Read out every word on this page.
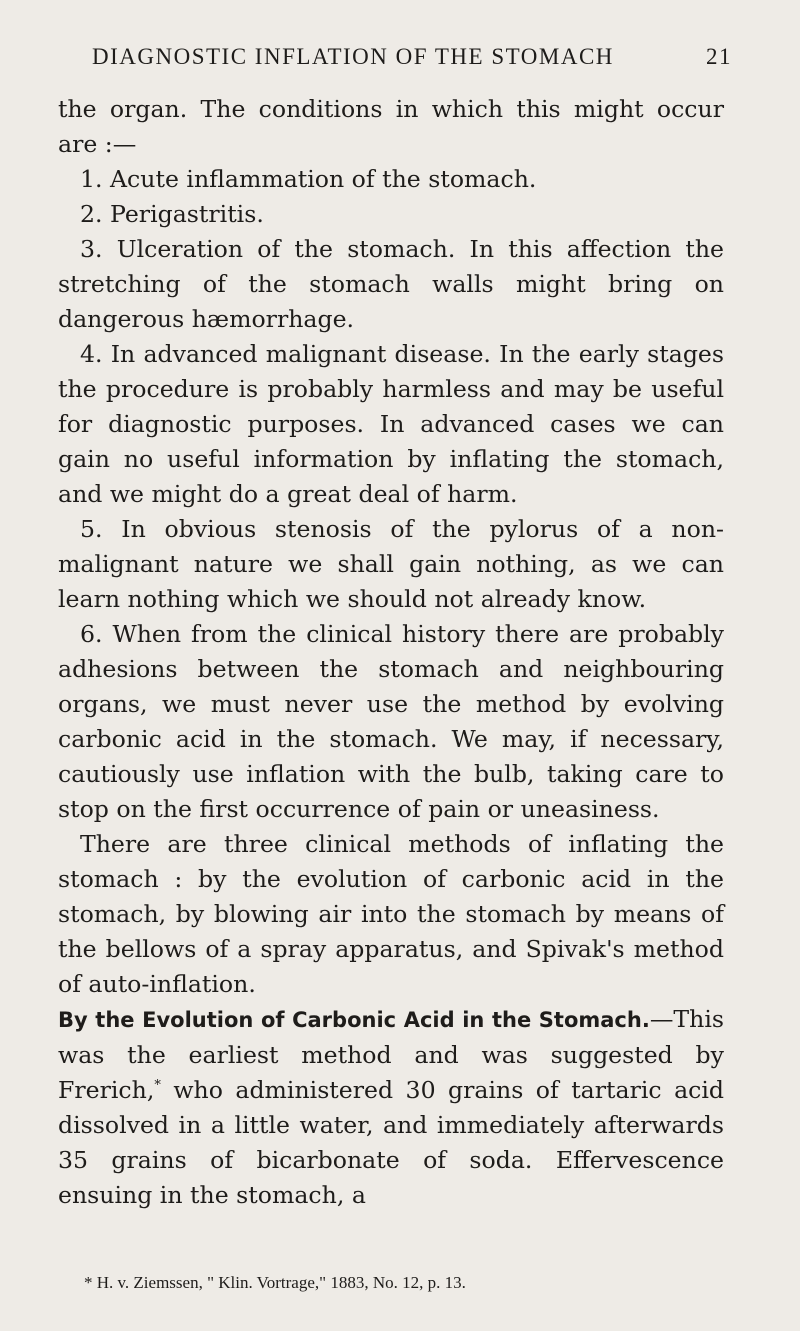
DIAGNOSTIC INFLATION OF THE STOMACH	21

the organ. The conditions in which this might occur are :—

1. Acute inflammation of the stomach.

2. Perigastritis.

3. Ulceration of the stomach. In this affection the stretching of the stomach walls might bring on dangerous hæmorrhage.

4. In advanced malignant disease. In the early stages the procedure is probably harmless and may be useful for diagnostic purposes. In advanced cases we can gain no useful information by inflating the stomach, and we might do a great deal of harm.

5. In obvious stenosis of the pylorus of a non-malignant nature we shall gain nothing, as we can learn nothing which we should not already know.

6. When from the clinical history there are probably adhesions between the stomach and neighbouring organs, we must never use the method by evolving carbonic acid in the stomach. We may, if necessary, cautiously use inflation with the bulb, taking care to stop on the first occurrence of pain or uneasiness.

There are three clinical methods of inflating the stomach : by the evolution of carbonic acid in the stomach, by blowing air into the stomach by means of the bellows of a spray apparatus, and Spivak's method of auto-inflation.

By the Evolution of Carbonic Acid in the Stomach.—This was the earliest method and was suggested by Frerich,* who administered 30 grains of tartaric acid dissolved in a little water, and immediately afterwards 35 grains of bicarbonate of soda. Effervescence ensuing in the stomach, a

* H. v. Ziemssen, " Klin. Vortrage," 1883, No. 12, p. 13.
